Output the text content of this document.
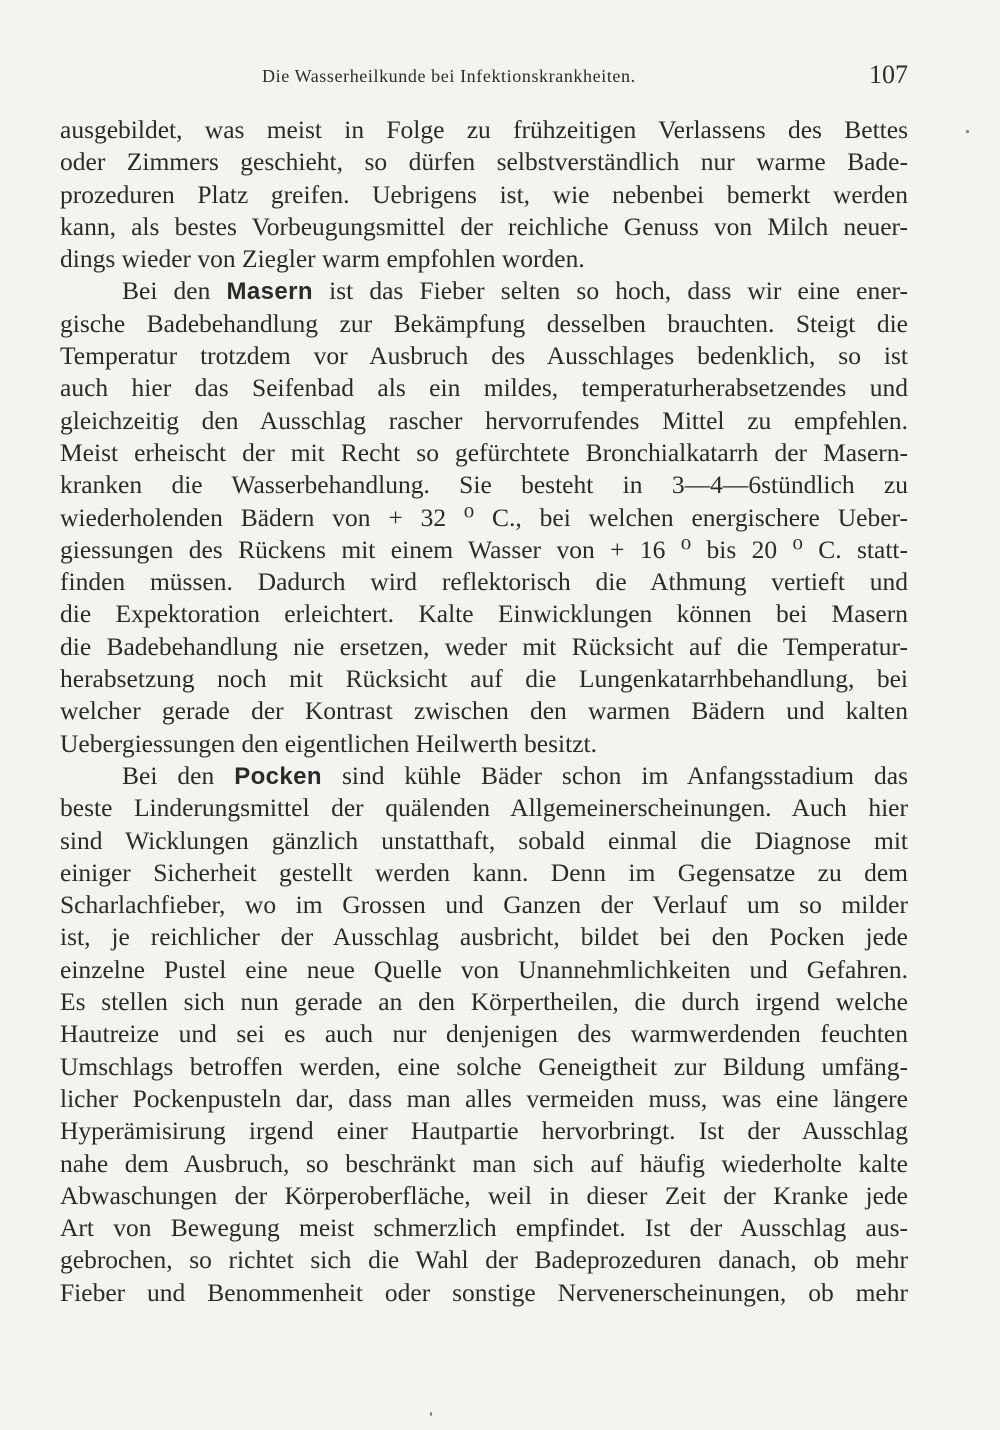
Die Wasserheilkunde bei Infektionskrankheiten.	107
ausgebildet, was meist in Folge zu frühzeitigen Verlassens des Bettes
oder Zimmers geschieht, so dürfen selbstverständlich nur warme Bade-
prozeduren Platz greifen. Uebrigens ist, wie nebenbei bemerkt werden
kann, als bestes Vorbeugungsmittel der reichliche Genuss von Milch neuer-
dings wieder von Ziegler warm empfohlen worden.
Bei den Masern ist das Fieber selten so hoch, dass wir eine ener-
gische Badebehandlung zur Bekämpfung desselben brauchten. Steigt die
Temperatur trotzdem vor Ausbruch des Ausschlages bedenklich, so ist
auch hier das Seifenbad als ein mildes, temperaturherabsetzendes und
gleichzeitig den Ausschlag rascher hervorrufendes Mittel zu empfehlen.
Meist erheischt der mit Recht so gefürchtete Bronchialkatarrh der Masern-
kranken die Wasserbehandlung. Sie besteht in 3—4—6stündlich zu
wiederholenden Bädern von + 32 ⁰ C., bei welchen energischere Ueber-
giessungen des Rückens mit einem Wasser von + 16 ⁰ bis 20 ⁰ C. statt-
finden müssen. Dadurch wird reflektorisch die Athmung vertieft und
die Expektoration erleichtert. Kalte Einwicklungen können bei Masern
die Badebehandlung nie ersetzen, weder mit Rücksicht auf die Temperatur-
herabsetzung noch mit Rücksicht auf die Lungenkatarrhbehandlung, bei
welcher gerade der Kontrast zwischen den warmen Bädern und kalten
Uebergiessungen den eigentlichen Heilwerth besitzt.
Bei den Pocken sind kühle Bäder schon im Anfangsstadium das
beste Linderungsmittel der quälenden Allgemeinerscheinungen. Auch hier
sind Wicklungen gänzlich unstatthaft, sobald einmal die Diagnose mit
einiger Sicherheit gestellt werden kann. Denn im Gegensatze zu dem
Scharlachfieber, wo im Grossen und Ganzen der Verlauf um so milder
ist, je reichlicher der Ausschlag ausbricht, bildet bei den Pocken jede
einzelne Pustel eine neue Quelle von Unannehmlichkeiten und Gefahren.
Es stellen sich nun gerade an den Körpertheilen, die durch irgend welche
Hautreize und sei es auch nur denjenigen des warmwerdenden feuchten
Umschlags betroffen werden, eine solche Geneigtheit zur Bildung umfäng-
licher Pockenpusteln dar, dass man alles vermeiden muss, was eine längere
Hyperämisirung irgend einer Hautpartie hervorbringt. Ist der Ausschlag
nahe dem Ausbruch, so beschränkt man sich auf häufig wiederholte kalte
Abwaschungen der Körperoberfläche, weil in dieser Zeit der Kranke jede
Art von Bewegung meist schmerzlich empfindet. Ist der Ausschlag aus-
gebrochen, so richtet sich die Wahl der Badeprozeduren danach, ob mehr
Fieber und Benommenheit oder sonstige Nervenerscheinungen, ob mehr
